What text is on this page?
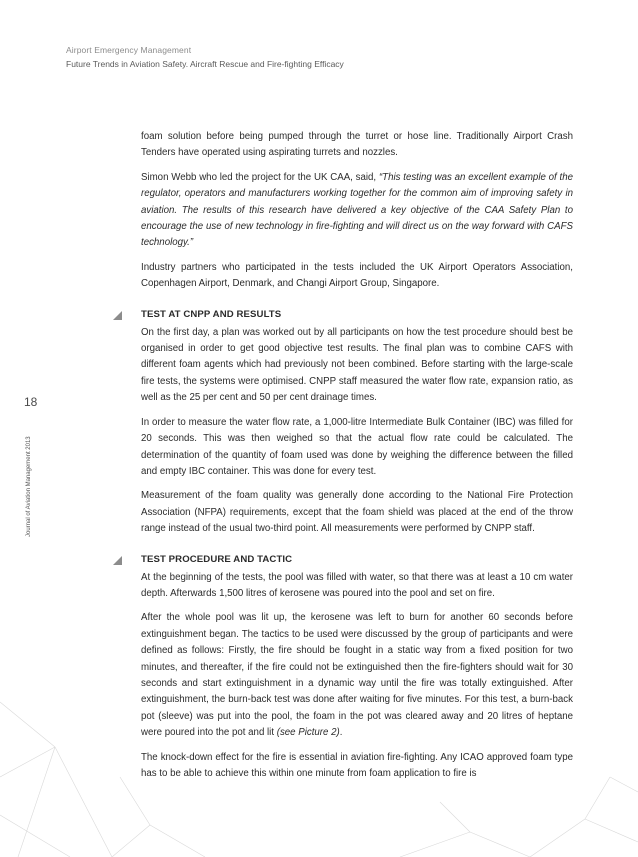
Airport Emergency Management
Future Trends in Aviation Safety. Aircraft Rescue and Fire-fighting Efficacy
18
Journal of Aviation Management 2013

foam solution before being pumped through the turret or hose line. Traditionally Airport Crash Tenders have operated using aspirating turrets and nozzles.

Simon Webb who led the project for the UK CAA, said, “This testing was an excellent example of the regulator, operators and manufacturers working together for the common aim of improving safety in aviation. The results of this research have delivered a key objective of the CAA Safety Plan to encourage the use of new technology in fire-fighting and will direct us on the way forward with CAFS technology.”

Industry partners who participated in the tests included the UK Airport Operators Association, Copenhagen Airport, Denmark, and Changi Airport Group, Singapore.

TEST AT CNPP AND RESULTS

On the first day, a plan was worked out by all participants on how the test procedure should best be organised in order to get good objective test results. The final plan was to combine CAFS with different foam agents which had previously not been combined. Before starting with the large-scale fire tests, the systems were optimised. CNPP staff measured the water flow rate, expansion ratio, as well as the 25 per cent and 50 per cent drainage times.

In order to measure the water flow rate, a 1,000-litre Intermediate Bulk Container (IBC) was filled for 20 seconds. This was then weighed so that the actual flow rate could be calculated. The determination of the quantity of foam used was done by weighing the difference between the filled and empty IBC container. This was done for every test.

Measurement of the foam quality was generally done according to the National Fire Protection Association (NFPA) requirements, except that the foam shield was placed at the end of the throw range instead of the usual two-third point. All measurements were performed by CNPP staff.

TEST PROCEDURE AND TACTIC

At the beginning of the tests, the pool was filled with water, so that there was at least a 10 cm water depth. Afterwards 1,500 litres of kerosene was poured into the pool and set on fire.

After the whole pool was lit up, the kerosene was left to burn for another 60 seconds before extinguishment began. The tactics to be used were discussed by the group of participants and were defined as follows: Firstly, the fire should be fought in a static way from a fixed position for two minutes, and thereafter, if the fire could not be extinguished then the fire-fighters should wait for 30 seconds and start extinguishment in a dynamic way until the fire was totally extinguished. After extinguishment, the burn-back test was done after waiting for five minutes. For this test, a burn-back pot (sleeve) was put into the pool, the foam in the pot was cleared away and 20 litres of heptane were poured into the pot and lit (see Picture 2).

The knock-down effect for the fire is essential in aviation fire-fighting. Any ICAO approved foam type has to be able to achieve this within one minute from foam application to fire is
